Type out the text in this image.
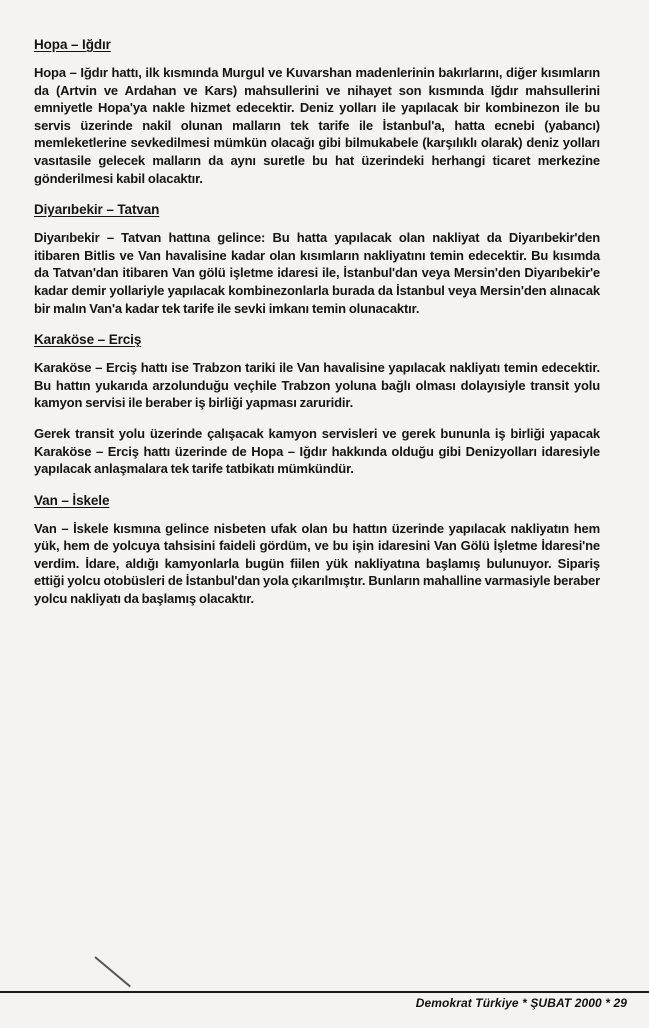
Hopa – Iğdır

Hopa – Iğdır hattı, ilk kısmında Murgul ve Kuvarshan madenlerinin bakırlarını, diğer kısımların da (Artvin ve Ardahan ve Kars) mahsullerini ve nihayet son kısmında Iğdır mahsullerini emniyetle Hopa'ya nakle hizmet edecektir. Deniz yolları ile yapılacak bir kombinezon ile bu servis üzerinde nakil olunan malların tek tarife ile İstanbul'a, hatta ecnebi (yabancı) memleketlerine sevkedilmesi mümkün olacağı gibi bilmukabele (karşılıklı olarak) deniz yolları vasıtasile gelecek malların da aynı suretle bu hat üzerindeki herhangi ticaret merkezine gönderilmesi kabil olacaktır.

Diyarıbekir – Tatvan

Diyarıbekir – Tatvan hattına gelince: Bu hatta yapılacak olan nakliyat da Diyarıbekir'den itibaren Bitlis ve Van havalisine kadar olan kısımların nakliyatını temin edecektir. Bu kısımda da Tatvan'dan itibaren Van gölü işletme idaresi ile, İstanbul'dan veya Mersin'den Diyarıbekir'e kadar demir yollariyle yapılacak kombinezonlarla burada da İstanbul veya Mersin'den alınacak bir malın Van'a kadar tek tarife ile sevki imkanı temin olunacaktır.

Karaköse – Erciş

Karaköse – Erciş hattı ise Trabzon tariki ile Van havalisine yapılacak nakliyatı temin edecektir. Bu hattın yukarıda arzolunduğu veçhile Trabzon yoluna bağlı olması dolayısiyle transit yolu kamyon servisi ile beraber iş birliği yapması zaruridir.

Gerek transit yolu üzerinde çalışacak kamyon servisleri ve gerek bununla iş birliği yapacak Karaköse – Erciş hattı üzerinde de Hopa – Iğdır hakkında olduğu gibi Denizyolları idaresiyle yapılacak anlaşmalara tek tarife tatbikatı mümkündür.

Van – İskele

Van – İskele kısmına gelince nisbeten ufak olan bu hattın üzerinde yapılacak nakliyatın hem yük, hem de yolcuya tahsisini faideli gördüm, ve bu işin idaresini Van Gölü İşletme İdaresi'ne verdim. İdare, aldığı kamyonlarla bugün fiilen yük nakliyatına başlamış bulunuyor. Sipariş ettiği yolcu otobüsleri de İstanbul'dan yola çıkarılmıştır. Bunların mahalline varmasiyle beraber yolcu nakliyatı da başlamış olacaktır.

Demokrat Türkiye * ŞUBAT 2000 * 29
